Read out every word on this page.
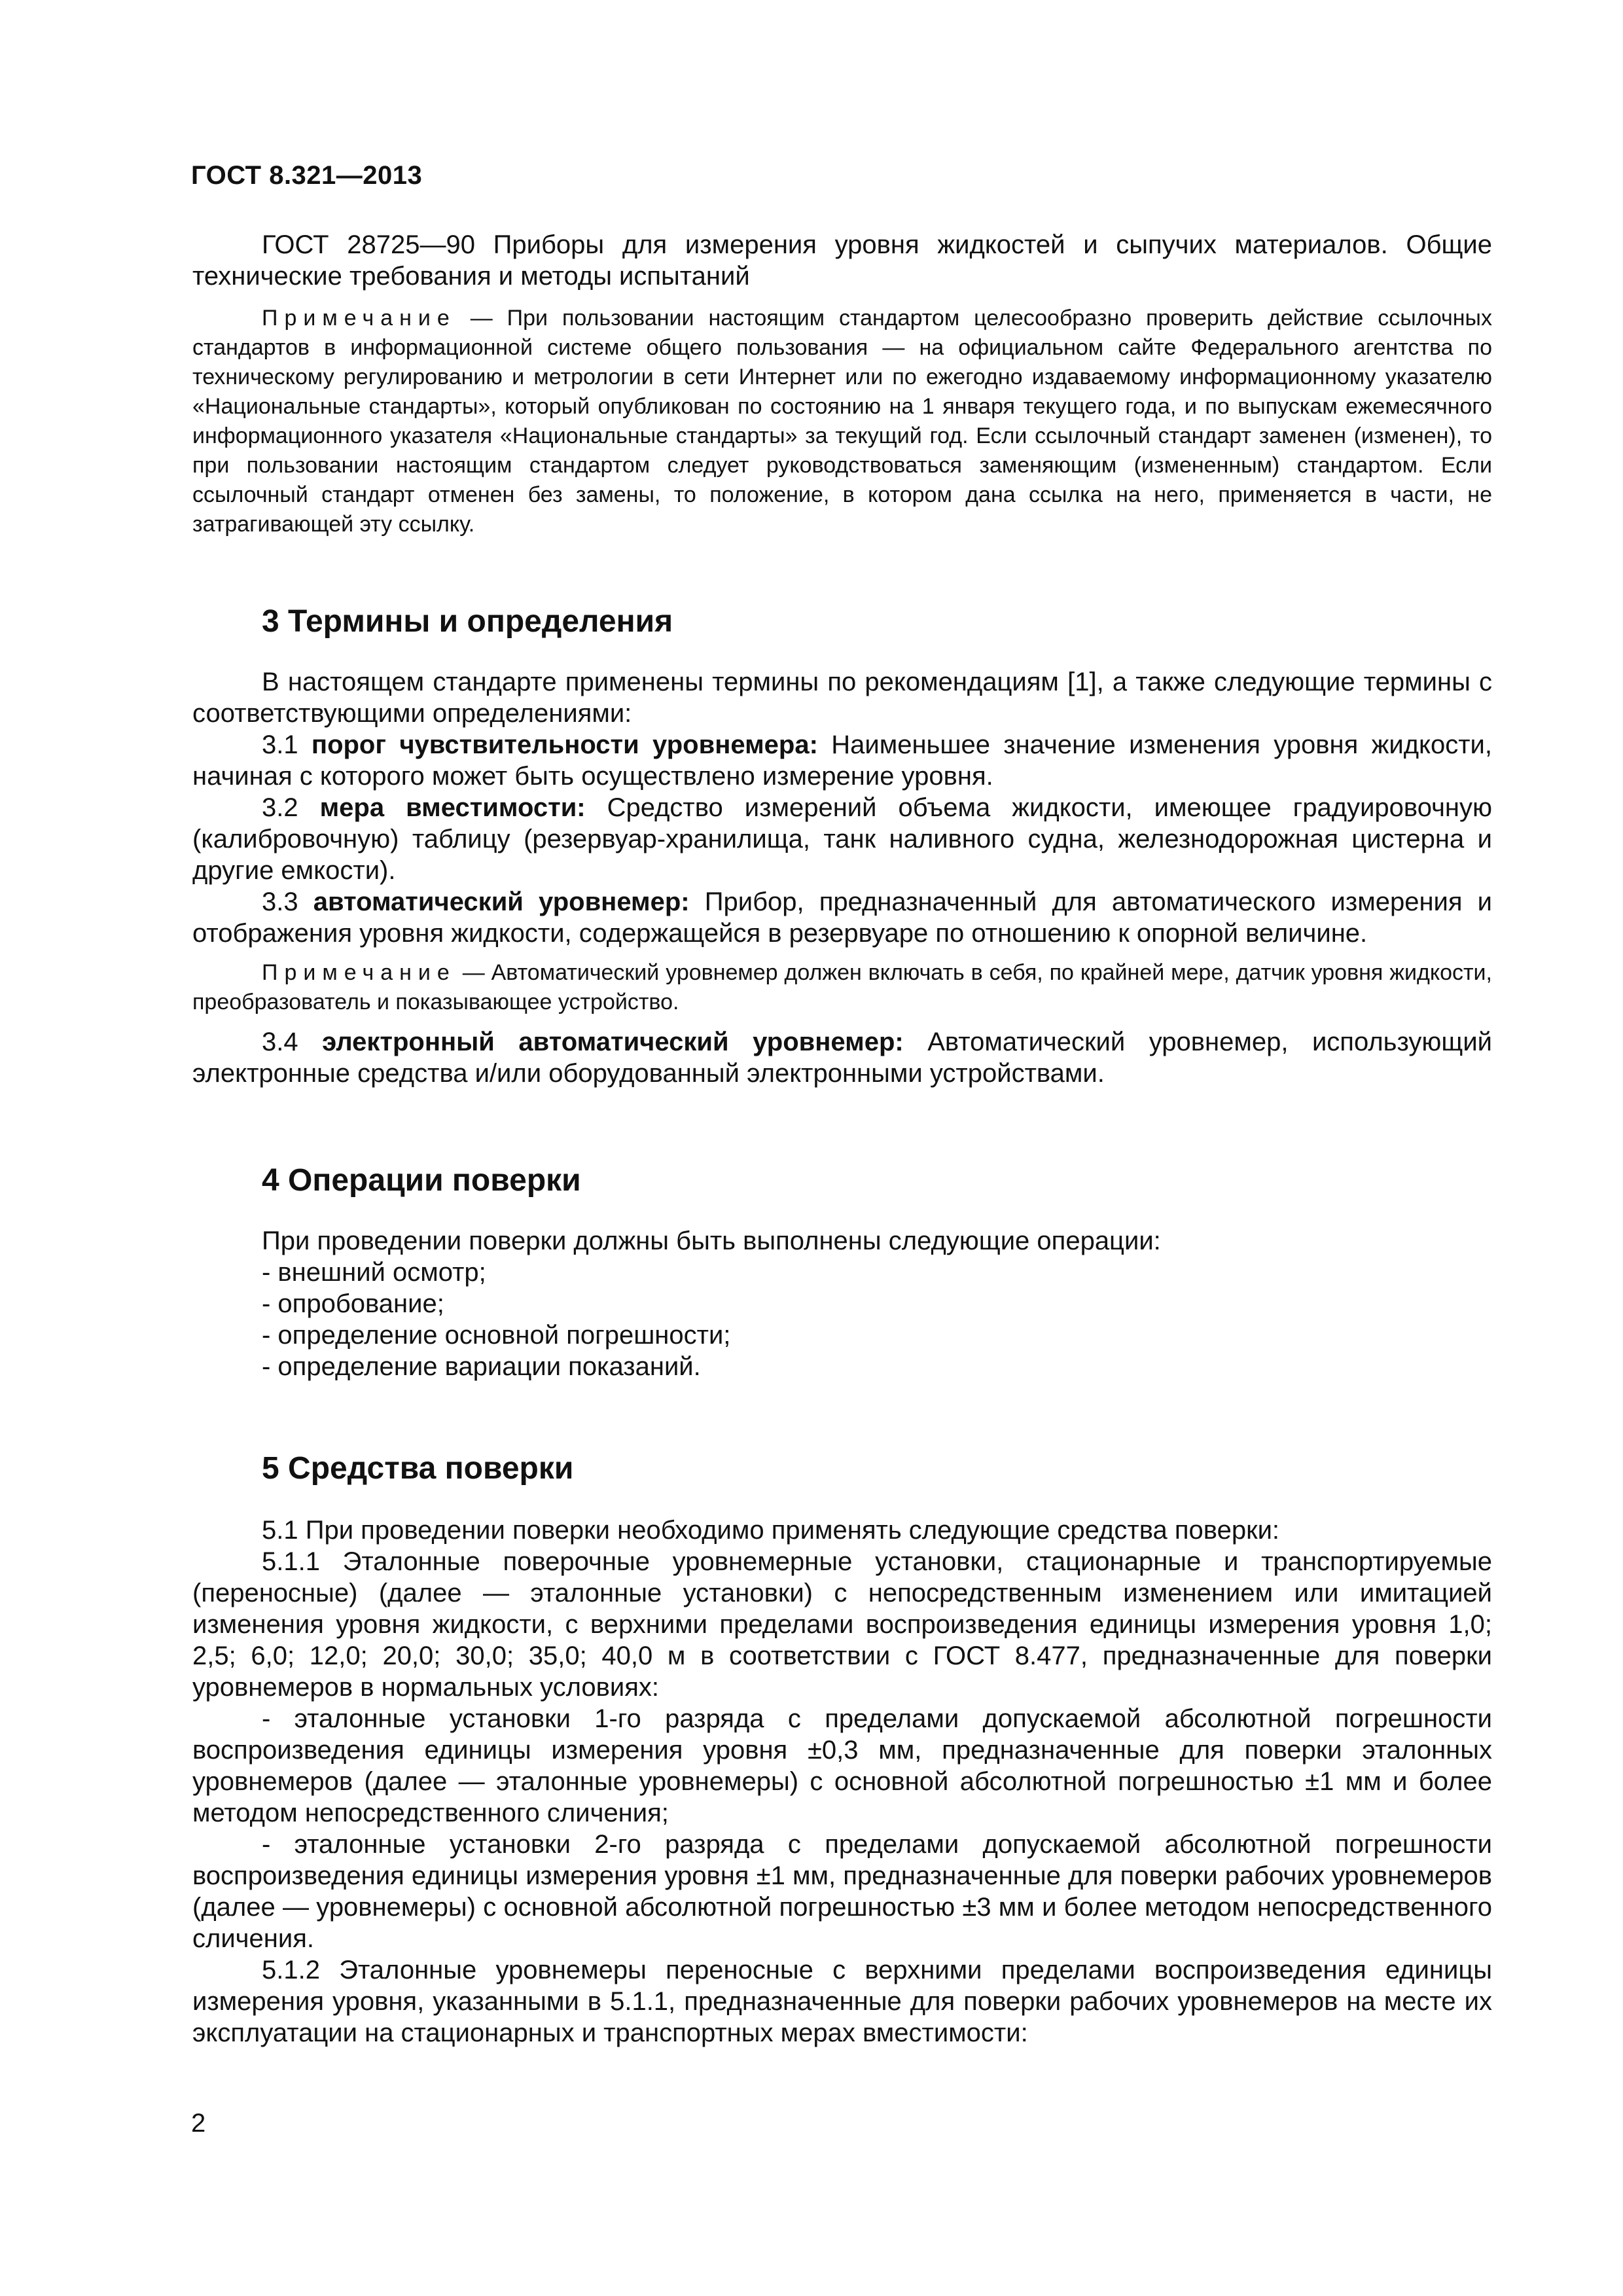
ГОСТ 8.321—2013

ГОСТ 28725—90 Приборы для измерения уровня жидкостей и сыпучих материалов. Общие технические требования и методы испытаний

Примечание — При пользовании настоящим стандартом целесообразно проверить действие ссылочных стандартов в информационной системе общего пользования — на официальном сайте Федерального агентства по техническому регулированию и метрологии в сети Интернет или по ежегодно издаваемому информационному указателю «Национальные стандарты», который опубликован по состоянию на 1 января текущего года, и по выпускам ежемесячного информационного указателя «Национальные стандарты» за текущий год. Если ссылочный стандарт заменен (изменен), то при пользовании настоящим стандартом следует руководствоваться заменяющим (измененным) стандартом. Если ссылочный стандарт отменен без замены, то положение, в котором дана ссылка на него, применяется в части, не затрагивающей эту ссылку.

3 Термины и определения

В настоящем стандарте применены термины по рекомендациям [1], а также следующие термины с соответствующими определениями:

3.1 порог чувствительности уровнемера: Наименьшее значение изменения уровня жидкости, начиная с которого может быть осуществлено измерение уровня.

3.2 мера вместимости: Средство измерений объема жидкости, имеющее градуировочную (калибровочную) таблицу (резервуар-хранилища, танк наливного судна, железнодорожная цистерна и другие емкости).

3.3 автоматический уровнемер: Прибор, предназначенный для автоматического измерения и отображения уровня жидкости, содержащейся в резервуаре по отношению к опорной величине.

Примечание — Автоматический уровнемер должен включать в себя, по крайней мере, датчик уровня жидкости, преобразователь и показывающее устройство.

3.4 электронный автоматический уровнемер: Автоматический уровнемер, использующий электронные средства и/или оборудованный электронными устройствами.

4 Операции поверки

При проведении поверки должны быть выполнены следующие операции:

- внешний осмотр;

- опробование;

- определение основной погрешности;

- определение вариации показаний.

5 Средства поверки

5.1 При проведении поверки необходимо применять следующие средства поверки:

5.1.1 Эталонные поверочные уровнемерные установки, стационарные и транспортируемые (переносные) (далее — эталонные установки) с непосредственным изменением или имитацией изменения уровня жидкости, с верхними пределами воспроизведения единицы измерения уровня 1,0; 2,5; 6,0; 12,0; 20,0; 30,0; 35,0; 40,0 м в соответствии с ГОСТ 8.477, предназначенные для поверки уровнемеров в нормальных условиях:

- эталонные установки 1-го разряда с пределами допускаемой абсолютной погрешности воспроизведения единицы измерения уровня ±0,3 мм, предназначенные для поверки эталонных уровнемеров (далее — эталонные уровнемеры) с основной абсолютной погрешностью ±1 мм и более методом непосредственного сличения;

- эталонные установки 2-го разряда с пределами допускаемой абсолютной погрешности воспроизведения единицы измерения уровня ±1 мм, предназначенные для поверки рабочих уровнемеров (далее — уровнемеры) с основной абсолютной погрешностью ±3 мм и более методом непосредственного сличения.

5.1.2 Эталонные уровнемеры переносные с верхними пределами воспроизведения единицы измерения уровня, указанными в 5.1.1, предназначенные для поверки рабочих уровнемеров на месте их эксплуатации на стационарных и транспортных мерах вместимости:

2
